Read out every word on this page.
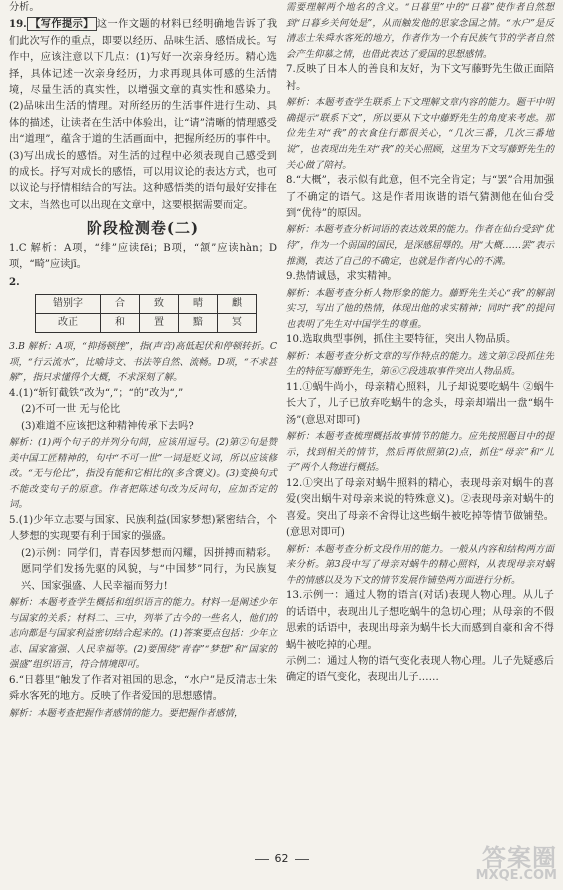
分析。

19. 【写作提示】 这一作文题的材料已经明确地告诉了我们此次写作的重点，即要以经历、品味生活、感悟成长。写作中，应该注意以下几点：(1)写好一次亲身经历。精心选择，具体记述一次亲身经历，力求再现具体可感的生活情境，尽量生活的真实性，以增强文章的真实性和感染力。(2)品味出生活的情理。对所经历的生活事件进行生动、具体的描述，让读者在生活中体验出，让“请”清晰的情理感受出“道理”，蕴含于道的生活画面中，把握所经历的事件中。(3)写出成长的感悟。对生活的过程中必须表现自己感受到的成长。抒写对成长的感悟，可以用议论的表达方式，也可以议论与抒情相结合的写法。这种感悟类的语句最好安排在文末，当然也可以出现在文章中，这要根据需要而定。

阶段检测卷(二)

1.C 解析：A项，“绯”应读fēi；B项，“颔”应读hàn；D项，“畸”应读jī。

2.

错别字	合	致	晴	麒
改正	和	置	黯	冥

3.B 解析：A项，“抑扬顿挫”，指(声音)高低起伏和停顿转折。C项，“行云流水”，比喻诗文、书法等自然、流畅。D项，“不求甚解”，指只求懂得个大概，不求深刻了解。

4.(1)“斩钉截铁”改为“,”；“的”改为“,”

(2)不可一世 无与伦比

(3)难道不应该把这种精神传承下去吗?

解析：(1)两个句子的并列分句间，应该用逗号。(2)第②句是赞美中国工匠精神的，句中“不可一世”一词是贬义词，所以应该修改。“无与伦比”，指没有能和它相比的(多含褒义)。(3)变换句式不能改变句子的原意。作者把陈述句改为反问句，应加否定的词。

5.(1)少年立志要与国家、民族利益(国家梦想)紧密结合，个人梦想的实现要有利于国家的强盛。

(2)示例：同学们，青春因梦想而闪耀，因拼搏而精彩。愿同学们发扬先驱的风貌，与“中国梦”同行，为民族复兴、国家强盛、人民幸福而努力!

解析：本题考查学生概括和组织语言的能力。材料一是阐述少年与国家的关系；材料二、三中，列举了古今的一些名人，他们的志向都是与国家利益密切结合起来的。(1)答案要点包括：少年立志、国家富强、人民幸福等。(2)要围绕“青春”“梦想”和“国家的强盛”组织语言，符合情境即可。

6.“日暮里”触发了作者对祖国的思念，“水户”是反清志士朱舜水客死的地方。反映了作者爱国的思想感情。

解析：本题考查把握作者感情的能力。要把握作者感情，

需要理解两个地名的含义。“日暮里”中的“日暮”使作者自然想到“日暮乡关何处是”，从而触发他的思家念国之情。“水户”是反清志士朱舜水客死的地方，作者作为一个有民族气节的学者自然会产生仰慕之情，也借此表达了爱国的思想感情。

7.反映了日本人的善良和友好，为下文写藤野先生做正面陪衬。

解析：本题考查学生联系上下文理解文章内容的能力。题干中明确提示“联系下文”，所以要从下文中藤野先生的角度来考虑。那位先生对“我”的衣食住行都很关心，“几次三番，几次三番地说”，也表现出先生对“我”的关心照顾，这里为下文写藤野先生的关心做了陪衬。

8.“大概”，表示似有此意，但不完全肯定；与“罢”合用加强了不确定的语气。这是作者用诙谐的语气猜测他在仙台受到“优待”的原因。

解析：本题考查分析词语的表达效果的能力。作者在仙台受到“优待”，作为一个弱国的国民，是深感屈辱的。用“大概……罢”表示推测，表达了自己的不确定，也就是作者内心的不满。

9.热情诚恳，求实精神。

解析：本题考查分析人物形象的能力。藤野先生关心“我”的解剖实习，写出了他的热情，体现出他的求实精神；同时“我”的提问也表明了先生对中国学生的尊重。

10.选取典型事例，抓住主要特征，突出人物品质。

解析：本题考查分析文章的写作特点的能力。选文第②段抓住先生的特征写藤野先生，第⑥⑦段选取事件突出人物品质。

11.①蜗牛尚小，母亲精心照料，儿子却说要吃蜗牛 ②蜗牛长大了，儿子已放弃吃蜗牛的念头，母亲却端出一盘“蜗牛汤”(意思对即可)

解析：本题考查梳理概括故事情节的能力。应先按照题目中的提示，找到相关的情节，然后再依照第(2)点，抓住“母亲”和“儿子”两个人物进行概括。

12.①突出了母亲对蜗牛照料的精心，表现母亲对蜗牛的喜爱(突出蜗牛对母亲来说的特殊意义)。②表现母亲对蜗牛的喜爱。突出了母亲不舍得让这些蜗牛被吃掉等情节做铺垫。(意思对即可)

解析：本题考查分析文段作用的能力。一般从内容和结构两方面来分析。第3段中写了母亲对蜗牛的精心照料，从表现母亲对蜗牛的情感以及为下文的情节发展作铺垫两方面进行分析。

13.示例一：通过人物的语言(对话)表现人物心理。从儿子的话语中，表现出儿子想吃蜗牛的急切心理；从母亲的不假思索的话语中，表现出母亲为蜗牛长大而感到自豪和舍不得蜗牛被吃掉的心理。

示例二：通过人物的语气变化表现人物心理。儿子先疑惑后确定的语气变化，表现出儿子……

62	答案圈
MXQE.COM
